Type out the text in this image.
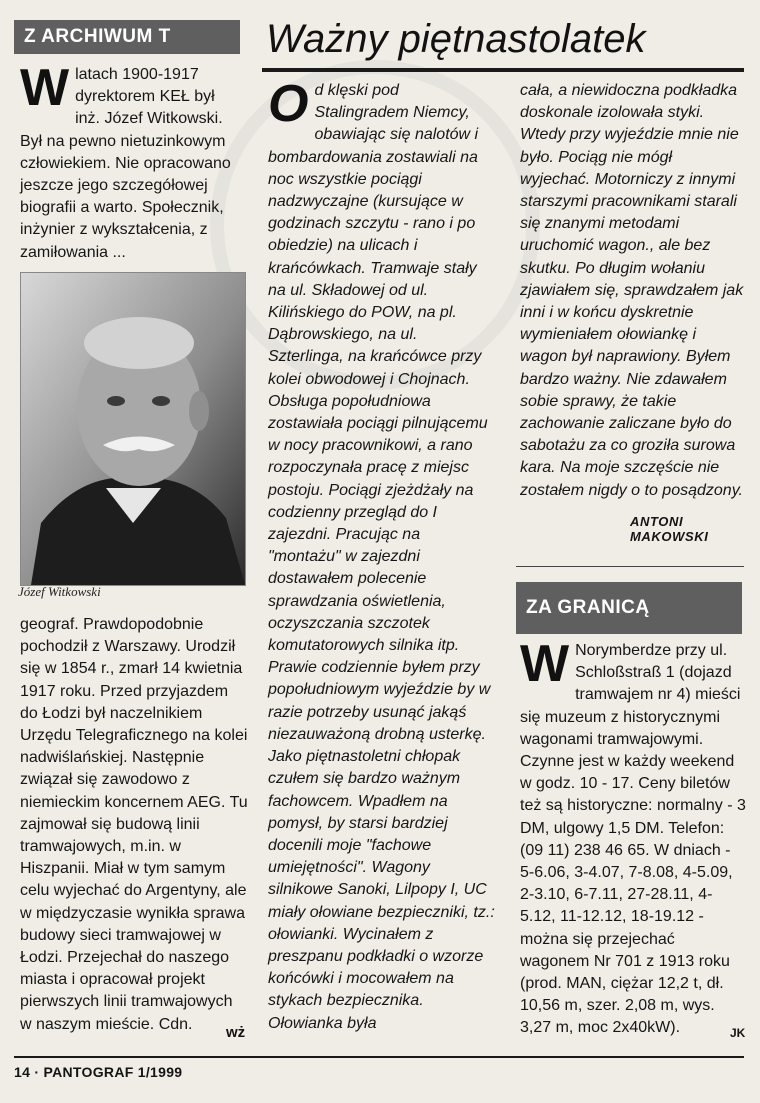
Z ARCHIWUM T

W latach 1900-1917 dyrektorem KEŁ był inż. Józef Witkowski. Był na pewno nietuzinkowym człowiekiem. Nie opracowano jeszcze jego szczegółowej biografii a warto. Społecznik, inżynier z wykształcenia, z zamiłowania ...

Józef Witkowski

geograf. Prawdopodobnie pochodził z Warszawy. Urodził się w 1854 r., zmarł 14 kwietnia 1917 roku. Przed przyjazdem do Łodzi był naczelnikiem Urzędu Telegraficznego na kolei nadwiślańskiej. Następnie związał się zawodowo z niemieckim koncernem AEG. Tu zajmował się budową linii tramwajowych, m.in. w Hiszpanii. Miał w tym samym celu wyjechać do Argentyny, ale w międzyczasie wynikła sprawa budowy sieci tramwajowej w Łodzi. Przejechał do naszego miasta i opracował projekt pierwszych linii tramwajowych w naszym mieście. Cdn.	wż
Ważny piętnastolatek

O d klęski pod Stalingradem Niemcy, obawiając się nalotów i bombardowania zostawiali na noc wszystkie pociągi nadzwyczajne (kursujące w godzinach szczytu - rano i po obiedzie) na ulicach i krańcówkach. Tramwaje stały na ul. Składowej od ul. Kilińskiego do POW, na pl. Dąbrowskiego, na ul. Szterlinga, na krańcówce przy kolei obwodowej i Chojnach. Obsługa popołudniowa zostawiała pociągi pilnującemu w nocy pracownikowi, a rano rozpoczynała pracę z miejsc postoju. Pociągi zjeżdżały na codzienny przegląd do I zajezdni. Pracując na "montażu" w zajezdni dostawałem polecenie sprawdzania oświetlenia, oczyszczania szczotek komutatorowych silnika itp. Prawie codziennie byłem przy popołudniowym wyjeździe by w razie potrzeby usunąć jakąś niezauważoną drobną usterkę. Jako piętnastoletni chłopak czułem się bardzo ważnym fachowcem. Wpadłem na pomysł, by starsi bardziej docenili moje "fachowe umiejętności". Wagony silnikowe Sanoki, Lilpopy I, UC miały ołowiane bezpieczniki, tz.: ołowianki. Wycinałem z preszpanu podkładki o wzorze końcówki i mocowałem na stykach bezpiecznika. Ołowianka była

cała, a niewidoczna podkładka doskonale izolowała styki. Wtedy przy wyjeździe mnie nie było. Pociąg nie mógł wyjechać. Motorniczy z innymi starszymi pracownikami starali się znanymi metodami uruchomić wagon., ale bez skutku. Po długim wołaniu zjawiałem się, sprawdzałem jak inni i w końcu dyskretnie wymieniałem ołowiankę i wagon był naprawiony. Byłem bardzo ważny. Nie zdawałem sobie sprawy, że takie zachowanie zaliczane było do sabotażu za co groziła surowa kara. Na moje szczęście nie zostałem nigdy o to posądzony.

ANTONI MAKOWSKI
ZA GRANICĄ

W Norymberdze przy ul. Schloßstraß 1 (dojazd tramwajem nr 4) mieści się muzeum z historycznymi wagonami tramwajowymi. Czynne jest w każdy weekend w godz. 10 - 17. Ceny biletów też są historyczne: normalny - 3 DM, ulgowy 1,5 DM. Telefon: (09 11) 238 46 65. W dniach - 5-6.06, 3-4.07, 7-8.08, 4-5.09, 2-3.10, 6-7.11, 27-28.11, 4-5.12, 11-12.12, 18-19.12 - można się przejechać wagonem Nr 701 z 1913 roku (prod. MAN, ciężar 12,2 t, dł. 10,56 m, szer. 2,08 m, wys. 3,27 m, moc 2x40kW).	JK
14 · PANTOGRAF 1/1999
